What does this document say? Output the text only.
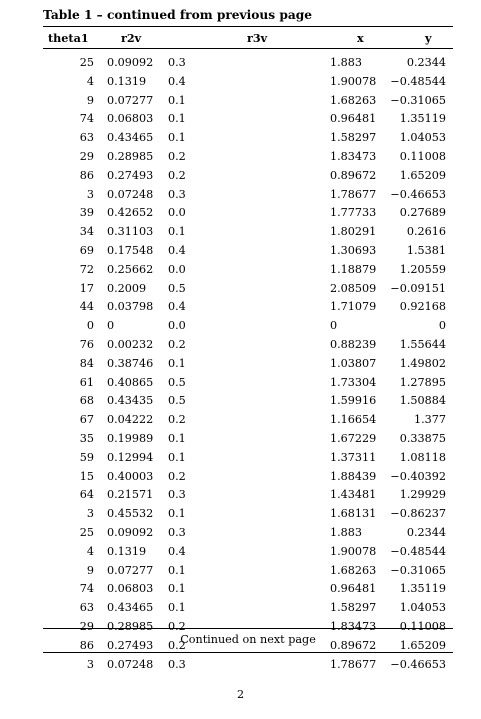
Table 1 – continued from previous page
theta1	r2v	r3v	x	y
25 0.09092 0.3	1.883	0.2344
4 0.1319 0.4	1.90078 −0.48544
9 0.07277 0.1	1.68263 −0.31065
74 0.06803 0.1	0.96481 1.35119
63 0.43465 0.1	1.58297 1.04053
29 0.28985 0.2	1.83473 0.11008
86 0.27493 0.2	0.89672 1.65209
3 0.07248 0.3	1.78677 −0.46653
39 0.42652 0.0	1.77733 0.27689
34 0.31103 0.1	1.80291	0.2616
69 0.17548 0.4	1.30693	1.5381
72 0.25662 0.0	1.18879 1.20559
17 0.2009 0.5	2.08509 −0.09151
44 0.03798 0.4	1.71079 0.92168
0 0	0.0	0	0
76 0.00232 0.2	0.88239 1.55644
84 0.38746 0.1	1.03807 1.49802
61 0.40865 0.5	1.73304 1.27895
68 0.43435 0.5	1.59916 1.50884
67 0.04222 0.2	1.16654	1.377
35 0.19989 0.1	1.67229 0.33875
59 0.12994 0.1	1.37311 1.08118
15 0.40003 0.2	1.88439 −0.40392
64 0.21571 0.3	1.43481 1.29929
3 0.45532 0.1	1.68131 −0.86237
25 0.09092 0.3	1.883	0.2344
4 0.1319 0.4	1.90078 −0.48544
9 0.07277 0.1	1.68263 −0.31065
74 0.06803 0.1	0.96481 1.35119
63 0.43465 0.1	1.58297 1.04053
29 0.28985 0.2	1.83473 0.11008
86 0.27493 0.2	0.89672 1.65209
3 0.07248 0.3	1.78677 −0.46653
Continued on next page
2
